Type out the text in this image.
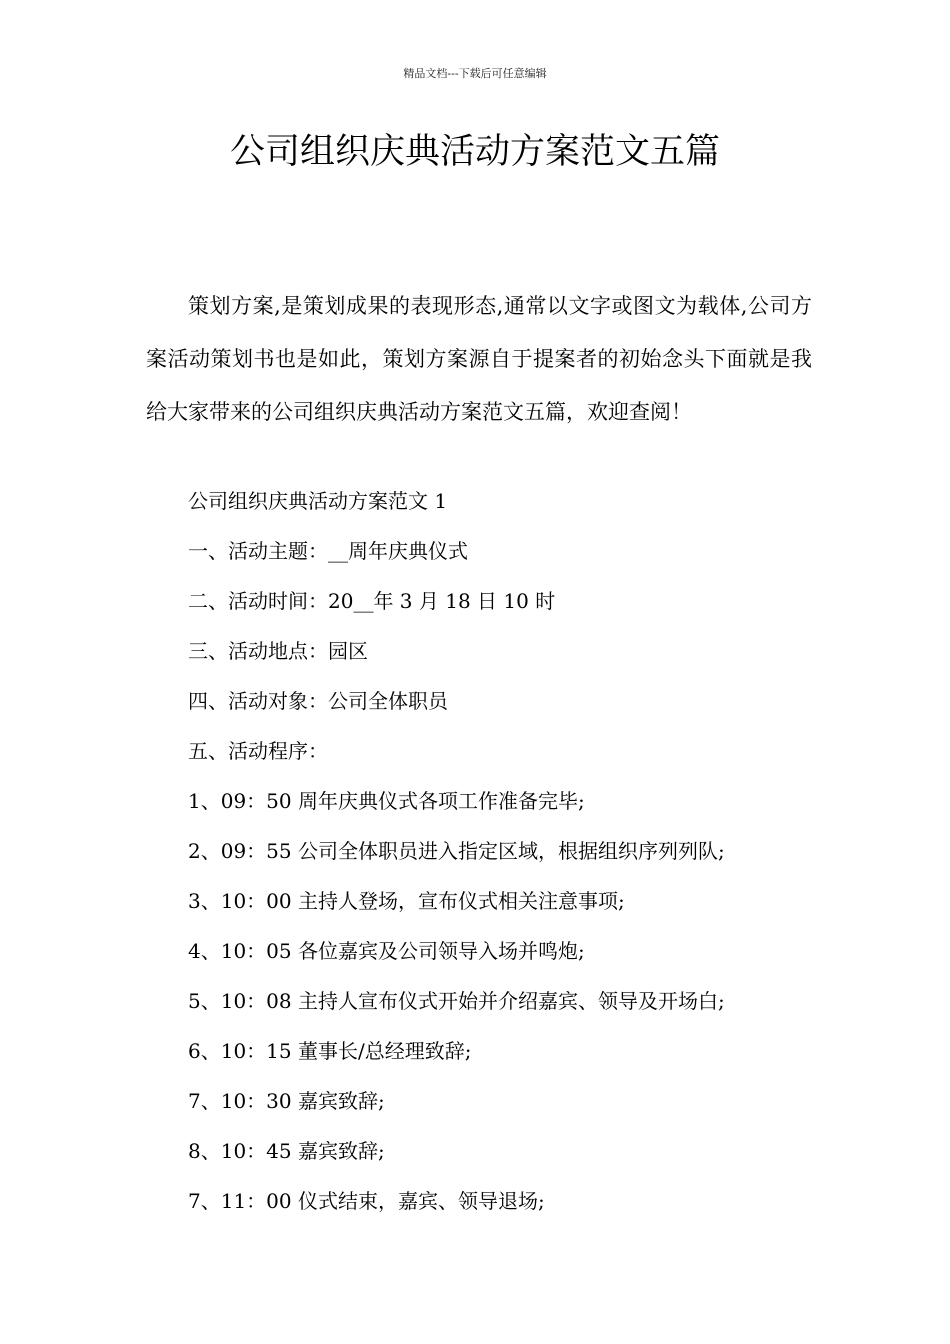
精品文档---下载后可任意编辑
公司组织庆典活动方案范文五篇

策划方案,是策划成果的表现形态,通常以文字或图文为载体,公司方案活动策划书也是如此，策划方案源自于提案者的初始念头下面就是我给大家带来的公司组织庆典活动方案范文五篇，欢迎查阅！

公司组织庆典活动方案范文 1
一、活动主题：__周年庆典仪式
二、活动时间：20__年 3 月 18 日 10 时
三、活动地点：园区
四、活动对象：公司全体职员
五、活动程序：
1、09：50 周年庆典仪式各项工作准备完毕;
2、09：55 公司全体职员进入指定区域，根据组织序列列队;
3、10：00 主持人登场，宣布仪式相关注意事项;
4、10：05 各位嘉宾及公司领导入场并鸣炮;
5、10：08 主持人宣布仪式开始并介绍嘉宾、领导及开场白;
6、10：15 董事长/总经理致辞;
7、10：30 嘉宾致辞;
8、10：45 嘉宾致辞;
7、11：00 仪式结束，嘉宾、领导退场;
